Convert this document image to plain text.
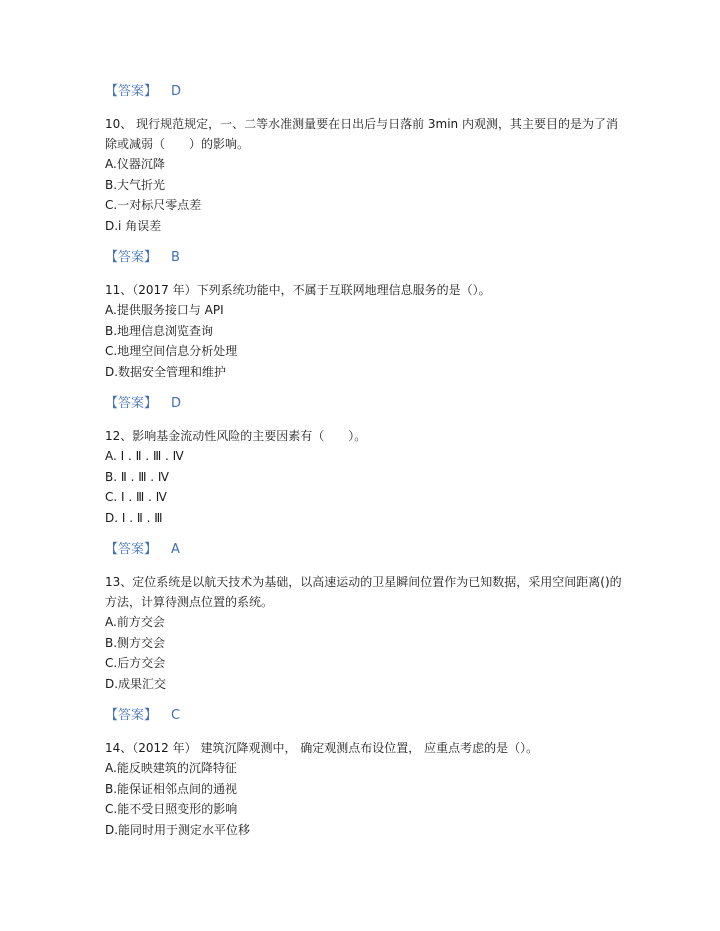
【答案】 D
10、 现行规范规定，一、二等水准测量要在日出后与日落前 3min 内观测，其主要目的是为了消除或减弱（　　）的影响。
A.仪器沉降
B.大气折光
C.一对标尺零点差
D.i 角误差
【答案】 B
11、（2017 年）下列系统功能中，不属于互联网地理信息服务的是（）。
A.提供服务接口与 API
B.地理信息浏览查询
C.地理空间信息分析处理
D.数据安全管理和维护
【答案】 D
12、影响基金流动性风险的主要因素有（　　）。
A. Ⅰ . Ⅱ . Ⅲ . Ⅳ
B. Ⅱ . Ⅲ . Ⅳ
C. Ⅰ . Ⅲ . Ⅳ
D. Ⅰ . Ⅱ . Ⅲ
【答案】 A
13、定位系统是以航天技术为基础，以高速运动的卫星瞬间位置作为已知数据，采用空间距离()的方法，计算待测点位置的系统。
A.前方交会
B.侧方交会
C.后方交会
D.成果汇交
【答案】 C
14、（2012 年） 建筑沉降观测中， 确定观测点布设位置， 应重点考虑的是（）。
A.能反映建筑的沉降特征
B.能保证相邻点间的通视
C.能不受日照变形的影响
D.能同时用于测定水平位移
